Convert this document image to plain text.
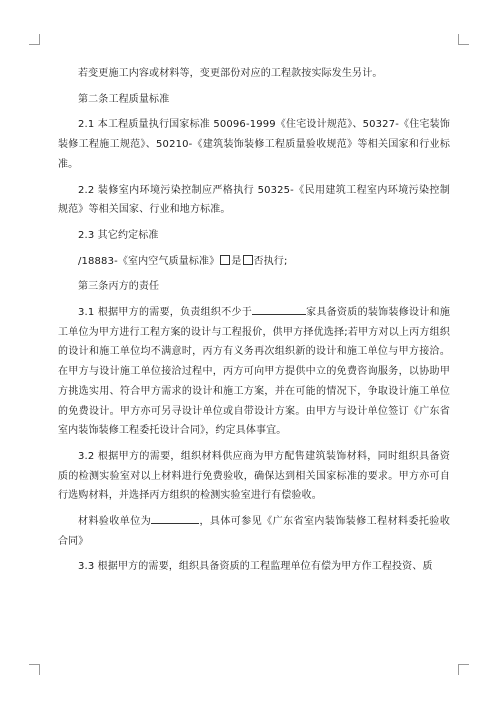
若变更施工内容或材料等，变更部份对应的工程款按实际发生另计。

第二条工程质量标准

2.1 本工程质量执行国家标准 50096-1999《住宅设计规范》、50327-《住宅装饰装修工程施工规范》、50210-《建筑装饰装修工程质量验收规范》等相关国家和行业标准。

2.2 装修室内环境污染控制应严格执行 50325-《民用建筑工程室内环境污染控制规范》等相关国家、行业和地方标准。

2.3 其它约定标准

/18883-《室内空气质量标准》 是 否执行;

第三条丙方的责任

3.1 根据甲方的需要，负责组织不少于	家具备资质的装饰装修设计和施工单位为甲方进行工程方案的设计与工程报价，供甲方择优选择;若甲方对以上丙方组织的设计和施工单位均不满意时，丙方有义务再次组织新的设计和施工单位与甲方接洽。在甲方与设计施工单位接洽过程中，丙方可向甲方提供中立的免费咨询服务，以协助甲方挑选实用、符合甲方需求的设计和施工方案，并在可能的情况下，争取设计施工单位的免费设计。甲方亦可另寻设计单位或自带设计方案。由甲方与设计单位签订《广东省室内装饰装修工程委托设计合同》，约定具体事宜。

3.2 根据甲方的需要，组织材料供应商为甲方配售建筑装饰材料，同时组织具备资质的检测实验室对以上材料进行免费验收，确保达到相关国家标准的要求。甲方亦可自行选购材料，并选择丙方组织的检测实验室进行有偿验收。

材料验收单位为	，具体可参见《广东省室内装饰装修工程材料委托验收合同》

3.3 根据甲方的需要，组织具备资质的工程监理单位有偿为甲方作工程投资、质
